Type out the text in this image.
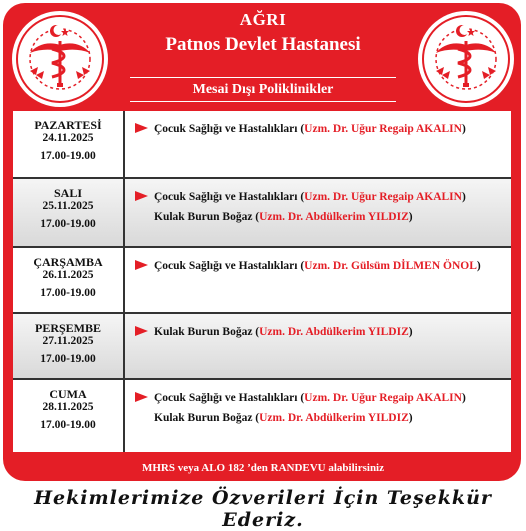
AĞRI
Patnos Devlet Hastanesi
Mesai Dışı Poliklinikler
PAZARTESİ
24.11.2025
17.00-19.00
Çocuk Sağlığı ve Hastalıkları (Uzm. Dr. Uğur Regaip AKALIN)
SALI
25.11.2025
17.00-19.00
Çocuk Sağlığı ve Hastalıkları (Uzm. Dr. Uğur Regaip AKALIN)
Kulak Burun Boğaz (Uzm. Dr. Abdülkerim YILDIZ)
ÇARŞAMBA
26.11.2025
17.00-19.00
Çocuk Sağlığı ve Hastalıkları (Uzm. Dr. Gülsüm DİLMEN ÖNOL)
PERŞEMBE
27.11.2025
17.00-19.00
Kulak Burun Boğaz (Uzm. Dr. Abdülkerim YILDIZ)
CUMA
28.11.2025
17.00-19.00
Çocuk Sağlığı ve Hastalıkları (Uzm. Dr. Uğur Regaip AKALIN)
Kulak Burun Boğaz (Uzm. Dr. Abdülkerim YILDIZ)
MHRS veya ALO 182 ’den RANDEVU alabilirsiniz
Hekimlerimize Özverileri İçin Teşekkür Ederiz.
